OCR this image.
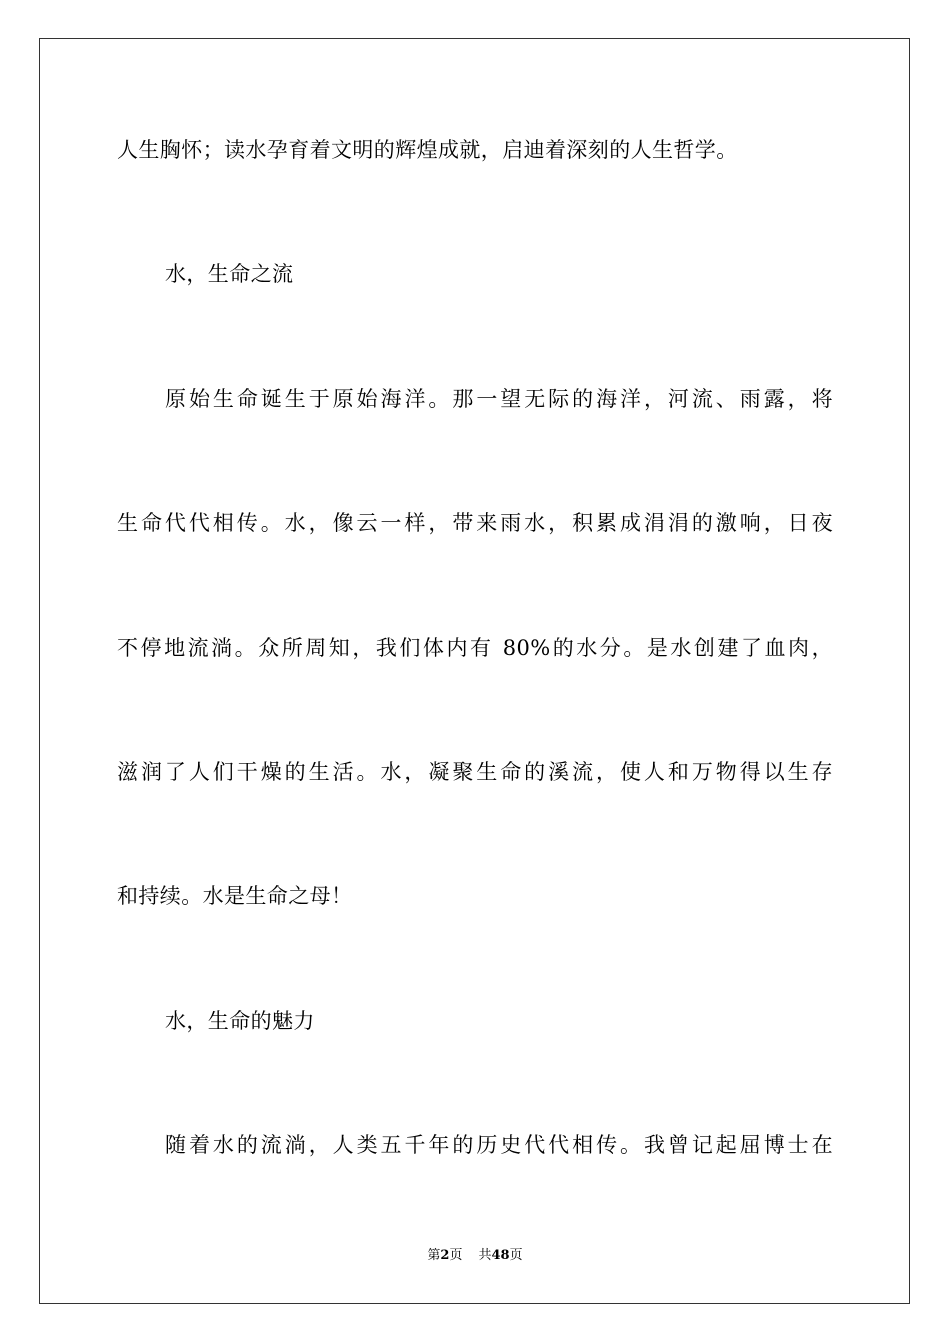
人生胸怀；读水孕育着文明的辉煌成就，启迪着深刻的人生哲学。
水，生命之流
原始生命诞生于原始海洋。那一望无际的海洋，河流、雨露，将
生命代代相传。水，像云一样，带来雨水，积累成涓涓的激响，日夜
不停地流淌。众所周知，我们体内有 80%的水分。是水创建了血肉，
滋润了人们干燥的生活。水，凝聚生命的溪流，使人和万物得以生存
和持续。水是生命之母！
水，生命的魅力
随着水的流淌，人类五千年的历史代代相传。我曾记起屈博士在
第2页 共48页
